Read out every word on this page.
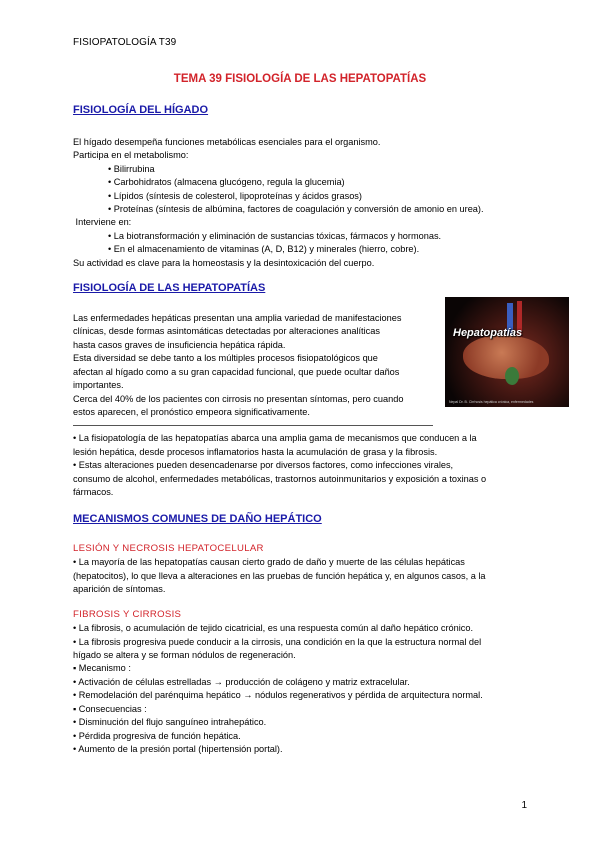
FISIOPATOLOGÍA T39
TEMA 39 FISIOLOGÍA DE LAS HEPATOPATÍAS
FISIOLOGÍA DEL HÍGADO
El hígado desempeña funciones metabólicas esenciales para el organismo.
Participa en el metabolismo:
• Bilirrubina
• Carbohidratos (almacena glucógeno, regula la glucemia)
• Lípidos (síntesis de colesterol, lipoproteínas y ácidos grasos)
• Proteínas (síntesis de albúmina, factores de coagulación y conversión de amonio en urea).
Interviene en:
• La biotransformación y eliminación de sustancias tóxicas, fármacos y hormonas.
• En el almacenamiento de vitaminas (A, D, B12) y minerales (hierro, cobre).
Su actividad es clave para la homeostasis y la desintoxicación del cuerpo.
FISIOLOGÍA DE LAS HEPATOPATÍAS
Las enfermedades hepáticas presentan una amplia variedad de manifestaciones
clínicas, desde formas asintomáticas detectadas por alteraciones analíticas
hasta casos graves de insuficiencia hepática rápida.
Esta diversidad se debe tanto a los múltiples procesos fisiopatológicos que
afectan al hígado como a su gran capacidad funcional, que puede ocultar daños
importantes.
Cerca del 40% de los pacientes con cirrosis no presentan síntomas, pero cuando
estos aparecen, el pronóstico empeora significativamente.
Hepatopatías
Nepal Dr. B. Cirrhosis hepática crónica, enfermedades
• La fisiopatología de las hepatopatías abarca una amplia gama de mecanismos que conducen a la
lesión hepática, desde procesos inflamatorios hasta la acumulación de grasa y la fibrosis.
• Estas alteraciones pueden desencadenarse por diversos factores, como infecciones virales,
consumo de alcohol, enfermedades metabólicas, trastornos autoinmunitarios y exposición a toxinas o
fármacos.
MECANISMOS COMUNES DE DAÑO HEPÁTICO
LESIÓN Y NECROSIS HEPATOCELULAR
• La mayoría de las hepatopatías causan cierto grado de daño y muerte de las células hepáticas
(hepatocitos), lo que lleva a alteraciones en las pruebas de función hepática y, en algunos casos, a la
aparición de síntomas.
FIBROSIS Y CIRROSIS
• La fibrosis, o acumulación de tejido cicatricial, es una respuesta común al daño hepático crónico.
• La fibrosis progresiva puede conducir a la cirrosis, una condición en la que la estructura normal del
hígado se altera y se forman nódulos de regeneración.
▪ Mecanismo :
• Activación de células estrelladas → producción de colágeno y matriz extracelular.
• Remodelación del parénquima hepático → nódulos regenerativos y pérdida de arquitectura normal.
▪ Consecuencias :
• Disminución del flujo sanguíneo intrahepático.
• Pérdida progresiva de función hepática.
• Aumento de la presión portal (hipertensión portal).
1
